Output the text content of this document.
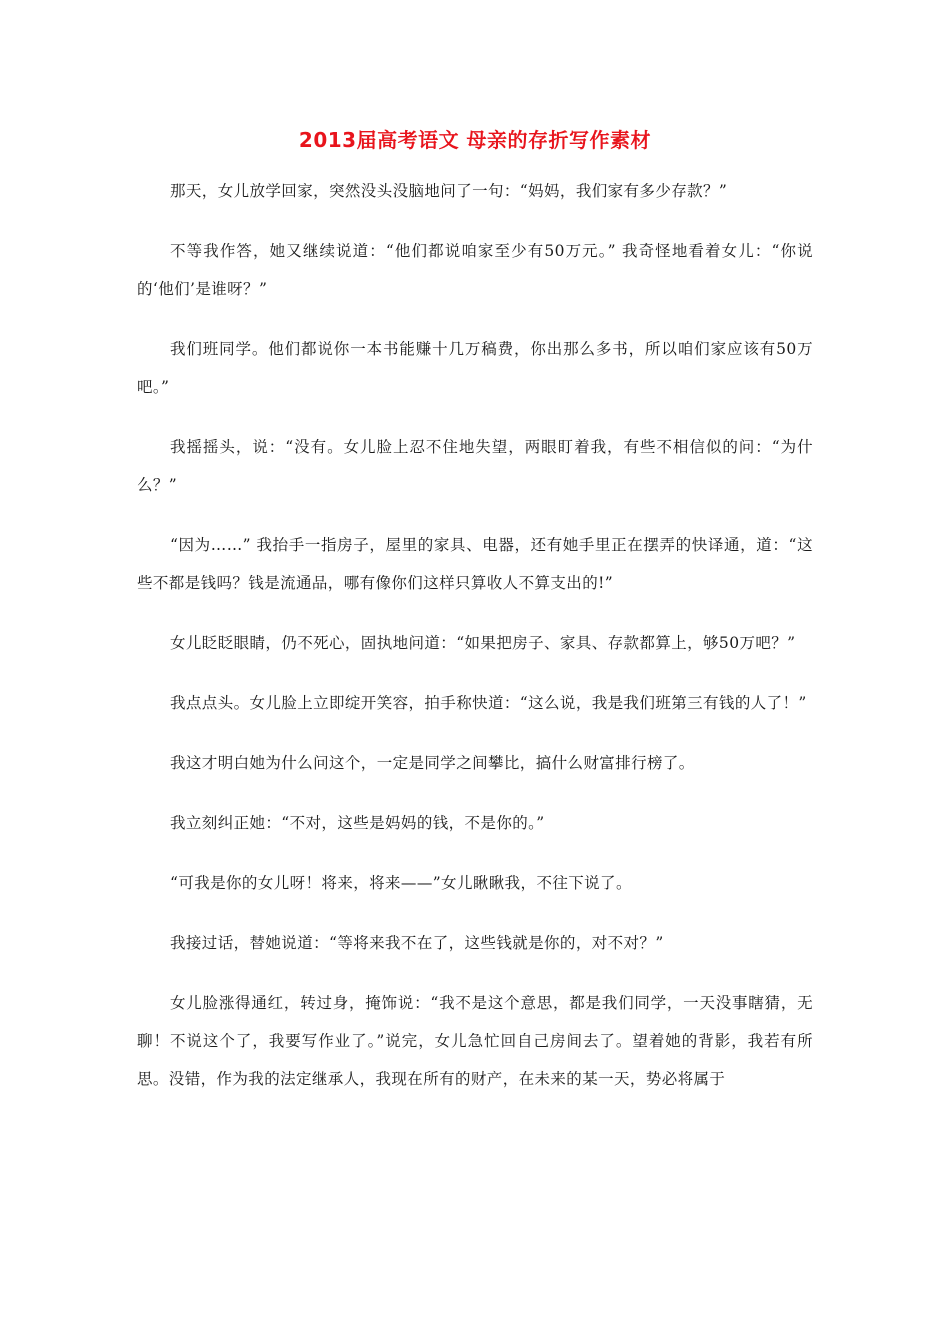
2013届高考语文 母亲的存折写作素材

那天，女儿放学回家，突然没头没脑地问了一句：“妈妈，我们家有多少存款？”

不等我作答，她又继续说道：“他们都说咱家至少有50万元。” 我奇怪地看着女儿：“你说的‘他们’是谁呀？”

我们班同学。他们都说你一本书能赚十几万稿费，你出那么多书，所以咱们家应该有50万吧。”

我摇摇头，说：“没有。女儿脸上忍不住地失望，两眼盯着我，有些不相信似的问：“为什么？”

“因为……” 我抬手一指房子，屋里的家具、电器，还有她手里正在摆弄的快译通，道：“这些不都是钱吗？钱是流通品，哪有像你们这样只算收人不算支出的!”

女儿眨眨眼睛，仍不死心，固执地问道：“如果把房子、家具、存款都算上，够50万吧？”

我点点头。女儿脸上立即绽开笑容，拍手称快道：“这么说，我是我们班第三有钱的人了！”

我这才明白她为什么问这个，一定是同学之间攀比，搞什么财富排行榜了。

我立刻纠正她：“不对，这些是妈妈的钱，不是你的。”

“可我是你的女儿呀！将来，将来——”女儿瞅瞅我，不往下说了。

我接过话，替她说道：“等将来我不在了，这些钱就是你的，对不对？”

女儿脸涨得通红，转过身，掩饰说：“我不是这个意思，都是我们同学，一天没事瞎猜，无聊！不说这个了，我要写作业了。”说完，女儿急忙回自己房间去了。望着她的背影，我若有所思。没错，作为我的法定继承人，我现在所有的财产，在未来的某一天，势必将属于
